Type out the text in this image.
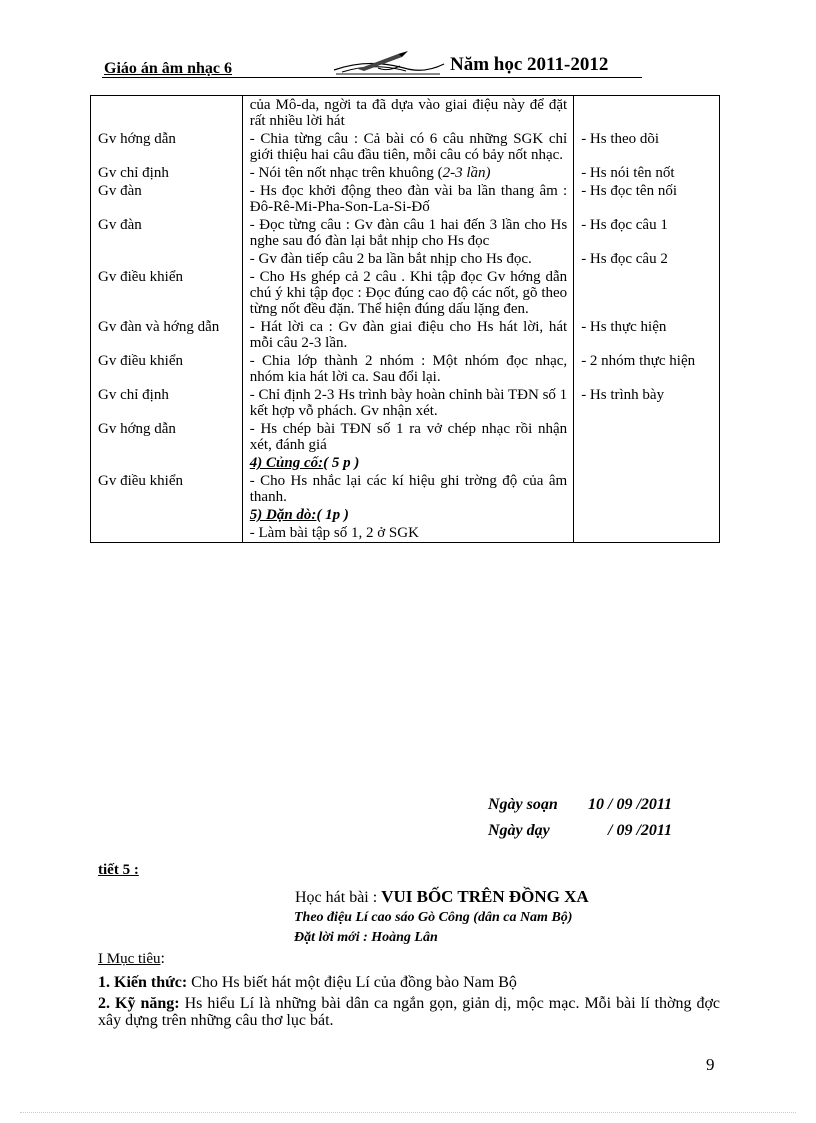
Giáo án âm nhạc 6	Năm học 2011-2012
	của Mô-da, ngời ta đã dựa vào giai điệu này để đặt rất nhiều lời hát	
Gv hớng dẫn	- Chia từng câu : Cả bài có 6 câu những SGK chỉ giới thiệu hai câu đầu tiên, mỗi câu có bảy nốt nhạc.	- Hs theo dõi
Gv chỉ định	- Nói tên nốt nhạc trên khuông (2-3 lần)	- Hs nói tên nốt
Gv đàn	- Hs đọc khởi động theo đàn vài ba lần thang âm : Đô-Rê-Mi-Pha-Son-La-Si-Đố	- Hs đọc tên nối
Gv đàn	- Đọc từng câu : Gv đàn câu 1 hai đến 3 lần cho Hs nghe sau đó đàn lại bắt nhịp cho Hs đọc	- Hs đọc câu 1
	- Gv đàn tiếp câu 2 ba lần bắt nhịp cho Hs đọc.	- Hs đọc câu 2
Gv điều khiển	- Cho Hs ghép cả 2 câu . Khi tập đọc Gv hớng dẫn chú ý khi tập đọc : Đọc đúng cao độ các nốt, gõ theo từng nốt đều đặn. Thể hiện đúng dấu lặng đen.	
Gv đàn và hớng dẫn	- Hát lời ca : Gv đàn giai điệu cho Hs hát lời, hát mỗi câu 2-3 lần.	- Hs thực hiện
Gv điều khiển	- Chia lớp thành 2 nhóm : Một nhóm đọc nhạc, nhóm kia hát lời ca. Sau đổi lại.	- 2 nhóm thực hiện
Gv chỉ định	- Chỉ định 2-3 Hs trình bày hoàn chỉnh bài TĐN số 1 kết hợp vỗ phách. Gv nhận xét.	- Hs trình bày
Gv hớng dẫn	- Hs chép bài TĐN số 1 ra vở chép nhạc rồi nhận xét, đánh giá	
	4) Củng cố:( 5 p )	
Gv điều khiển	- Cho Hs nhắc lại các kí hiệu ghi trờng độ của âm thanh.	
	5) Dặn dò:( 1p )	
	- Làm bài tập số 1, 2 ở SGK	
Ngày soạn 10 / 09 /2011
Ngày dạy	/ 09 /2011
tiết 5 :
Học hát bài : VUI BỐC TRÊN ĐỒNG XA
Theo điệu Lí cao sáo Gò Công (dân ca Nam Bộ)
Đặt lời mới : Hoàng Lân

I Mục tiêu:

1. Kiến thức: Cho Hs biết hát một điệu Lí của đồng bào Nam Bộ

2. Kỹ năng: Hs hiểu Lí là những bài dân ca ngắn gọn, giản dị, mộc mạc. Mỗi bài lí thờng đợc xây dựng trên những câu thơ lục bát.

9
